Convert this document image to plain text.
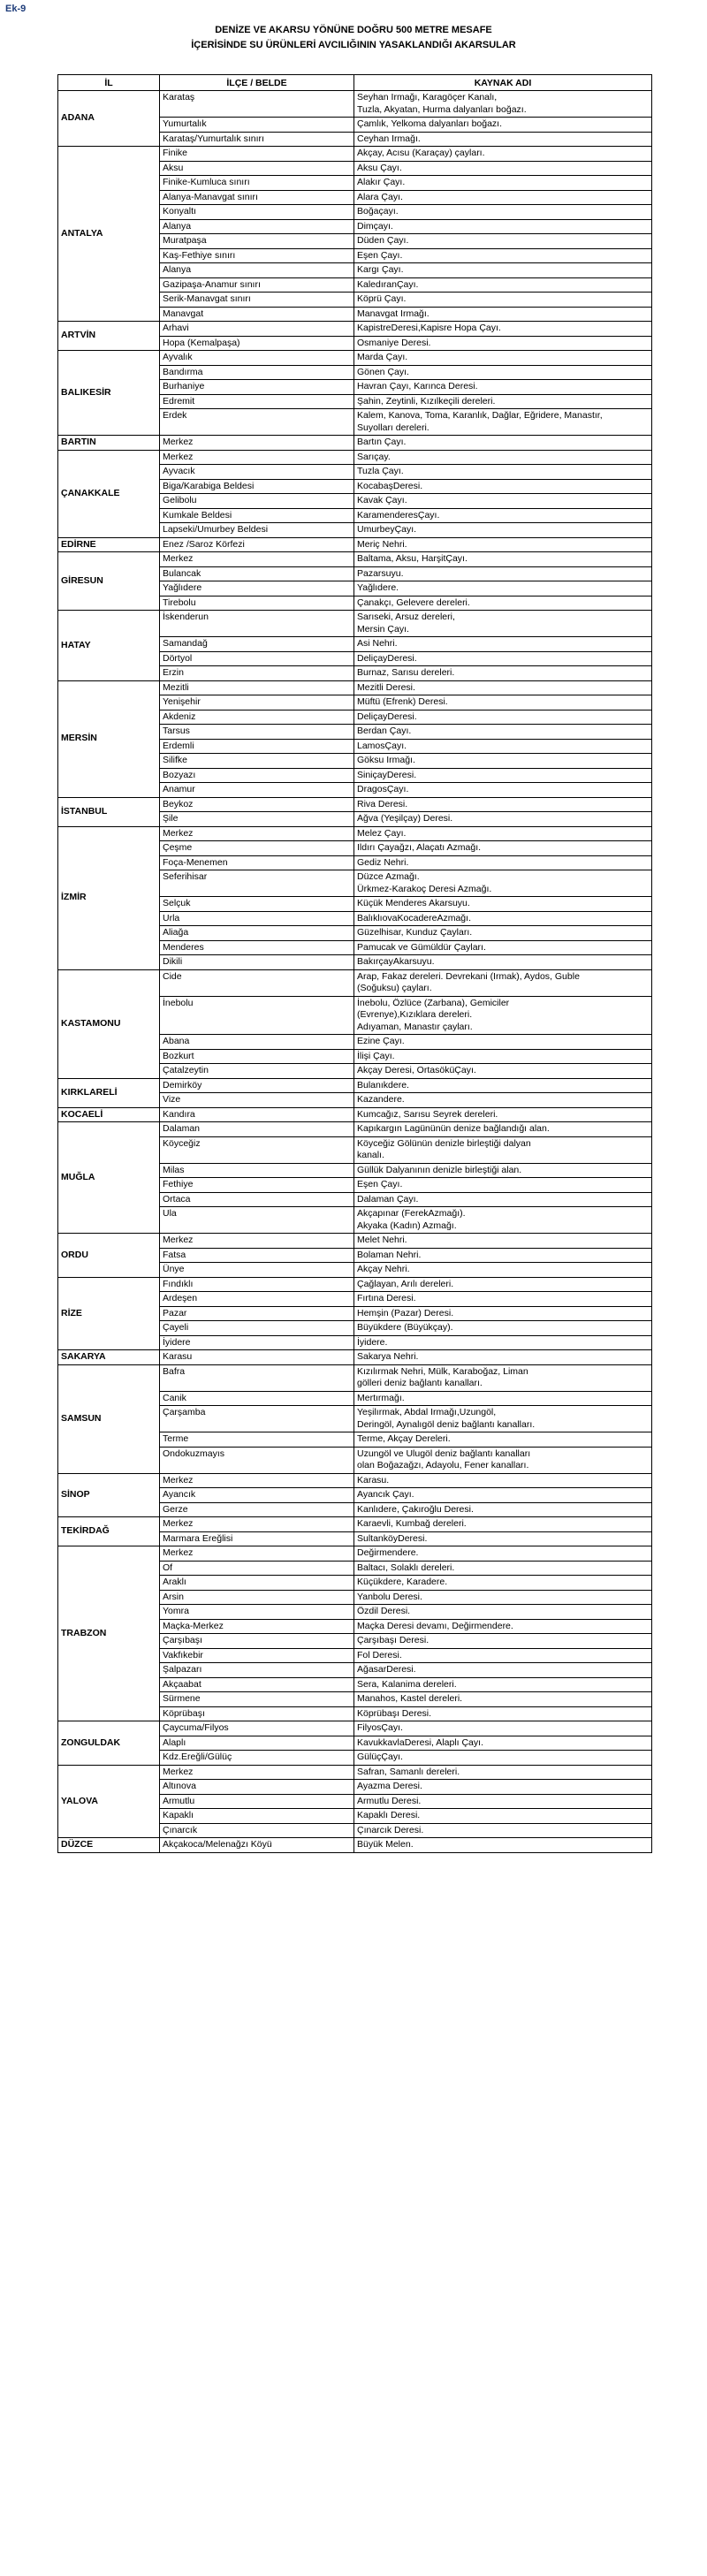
Ek-9
DENİZE VE AKARSU YÖNÜNE DOĞRU 500 METRE MESAFE
İÇERİSİNDE SU ÜRÜNLERİ AVCILIĞININ YASAKLANDIĞI AKARSULAR
İL	İLÇE / BELDE	KAYNAK ADI
ADANA	Karataş	Seyhan Irmağı, Karagöçer Kanalı,
Tuzla, Akyatan, Hurma dalyanları boğazı.

	Yumurtalık	Çamlık, Yelkoma dalyanları boğazı.

	Karataş/Yumurtalık sınırı	Ceyhan Irmağı.

ANTALYA	Finike	Akçay, Acısu (Karaçay) çayları.

	Aksu	Aksu Çayı.

	Finike-Kumluca sınırı	Alakır Çayı.

	Alanya-Manavgat sınırı	Alara Çayı.

	Konyaltı	Boğaçayı.

	Alanya	Dimçayı.

	Muratpaşa	Düden Çayı.

	Kaş-Fethiye sınırı	Eşen Çayı.

	Alanya	Kargı Çayı.

	Gazipaşa-Anamur sınırı	KaledıranÇayı.

	Serik-Manavgat sınırı	Köprü Çayı.

	Manavgat	Manavgat Irmağı.

ARTVİN	Arhavi	KapistreDeresi,Kapisre Hopa Çayı.

	Hopa (Kemalpaşa)	Osmaniye Deresi.

BALIKESİR	Ayvalık	Marda Çayı.

	Bandırma	Gönen Çayı.

	Burhaniye	Havran Çayı, Karınca Deresi.

	Edremit	Şahin, Zeytinli, Kızılkeçili dereleri.

	Erdek	Kalem, Kanova, Toma, Karanlık, Dağlar, Eğridere, Manastır,
Suyolları dereleri.

BARTIN	Merkez	Bartın Çayı.

ÇANAKKALE	Merkez	Sarıçay.

	Ayvacık	Tuzla Çayı.

	Biga/Karabiga Beldesi	KocabaşDeresi.

	Gelibolu	Kavak Çayı.

	Kumkale Beldesi	KaramenderesÇayı.

	Lapseki/Umurbey Beldesi	UmurbeyÇayı.

EDİRNE	Enez /Saroz Körfezi	Meriç Nehri.

GİRESUN	Merkez	Baltama, Aksu, HarşitÇayı.

	Bulancak	Pazarsuyu.

	Yağlıdere	Yağlıdere.

	Tirebolu	Çanakçı, Gelevere dereleri.

HATAY	İskenderun	Sarıseki, Arsuz dereleri,
Mersin Çayı.

	Samandağ	Asi Nehri.

	Dörtyol	DeliçayDeresi.

	Erzin	Burnaz, Sarısu dereleri.

MERSİN	Mezitli	Mezitli Deresi.

	Yenişehir	Müftü (Efrenk) Deresi.

	Akdeniz	DeliçayDeresi.

	Tarsus	Berdan Çayı.

	Erdemli	LamosÇayı.

	Silifke	Göksu Irmağı.

	Bozyazı	SiniçayDeresi.

	Anamur	DragosÇayı.

İSTANBUL	Beykoz	Riva Deresi.

	Şile	Ağva (Yeşilçay) Deresi.

İZMİR	Merkez	Melez Çayı.

	Çeşme	Ildırı Çayağzı, Alaçatı Azmağı.

	Foça-Menemen	Gediz Nehri.

	Seferihisar	Düzce Azmağı.
Ürkmez-Karakoç Deresi Azmağı.

	Selçuk	Küçük Menderes Akarsuyu.

	Urla	BalıklıovaKocadereAzmağı.

	Aliağa	Güzelhisar, Kunduz Çayları.

	Menderes	Pamucak ve Gümüldür Çayları.

	Dikili	BakırçayAkarsuyu.

KASTAMONU	Cide	Arap, Fakaz dereleri. Devrekani (Irmak), Aydos, Guble
(Soğuksu) çayları.

	İnebolu	İnebolu, Özlüce (Zarbana), Gemiciler
(Evrenye),Kızıklara dereleri.
Adıyaman, Manastır çayları.

	Abana	Ezine Çayı.

	Bozkurt	İlişi Çayı.

	Çatalzeytin	Akçay Deresi, OrtasöküÇayı.

KIRKLARELİ	Demirköy	Bulanıkdere.

	Vize	Kazandere.

KOCAELİ	Kandıra	Kumcağız, Sarısu Seyrek dereleri.

MUĞLA	Dalaman	Kapıkargın Lagününün denize bağlandığı alan.

	Köyceğiz	Köyceğiz Gölünün denizle birleştiği dalyan
kanalı.

	Milas	Güllük Dalyanının denizle birleştiği alan.

	Fethiye	Eşen Çayı.

	Ortaca	Dalaman Çayı.

	Ula	Akçapınar (FerekAzmağı).
Akyaka (Kadın) Azmağı.

ORDU	Merkez	Melet Nehri.

	Fatsa	Bolaman Nehri.

	Ünye	Akçay Nehri.

RİZE	Fındıklı	Çağlayan, Arılı dereleri.

	Ardeşen	Fırtına Deresi.

	Pazar	Hemşin (Pazar) Deresi.

	Çayeli	Büyükdere (Büyükçay).

	İyidere	İyidere.

SAKARYA	Karasu	Sakarya Nehri.

SAMSUN	Bafra	Kızılırmak Nehri, Mülk, Karaboğaz, Liman
gölleri deniz bağlantı kanalları.

	Canik	Mertırmağı.

	Çarşamba	Yeşilırmak, Abdal Irmağı,Uzungöl,
Deringöl, Aynalıgöl deniz bağlantı kanalları.

	Terme	Terme, Akçay Dereleri.

	Ondokuzmayıs	Uzungöl ve Ulugöl deniz bağlantı kanalları
olan Boğazağzı, Adayolu, Fener kanalları.

SİNOP	Merkez	Karasu.

	Ayancık	Ayancık Çayı.

	Gerze	Kanlıdere, Çakıroğlu Deresi.

TEKİRDAĞ	Merkez	Karaevli, Kumbağ dereleri.

	Marmara Ereğlisi	SultanköyDeresi.

TRABZON	Merkez	Değirmendere.

	Of	Baltacı, Solaklı dereleri.

	Araklı	Küçükdere, Karadere.

	Arsin	Yanbolu Deresi.

	Yomra	Özdil Deresi.

	Maçka-Merkez	Maçka Deresi devamı, Değirmendere.

	Çarşıbaşı	Çarşıbaşı Deresi.

	Vakfıkebir	Fol Deresi.

	Şalpazarı	AğasarDeresi.

	Akçaabat	Sera, Kalanima dereleri.

	Sürmene	Manahos, Kastel dereleri.

	Köprübaşı	Köprübaşı Deresi.

ZONGULDAK	Çaycuma/Filyos	FilyosÇayı.

	Alaplı	KavukkavlaDeresi, Alaplı Çayı.

	Kdz.Ereğli/Gülüç	GülüçÇayı.

YALOVA	Merkez	Safran, Samanlı dereleri.

	Altınova	Ayazma Deresi.

	Armutlu	Armutlu Deresi.

	Kapaklı	Kapaklı Deresi.

	Çınarcık	Çınarcık Deresi.

DÜZCE	Akçakoca/Melenağzı Köyü	Büyük Melen.
